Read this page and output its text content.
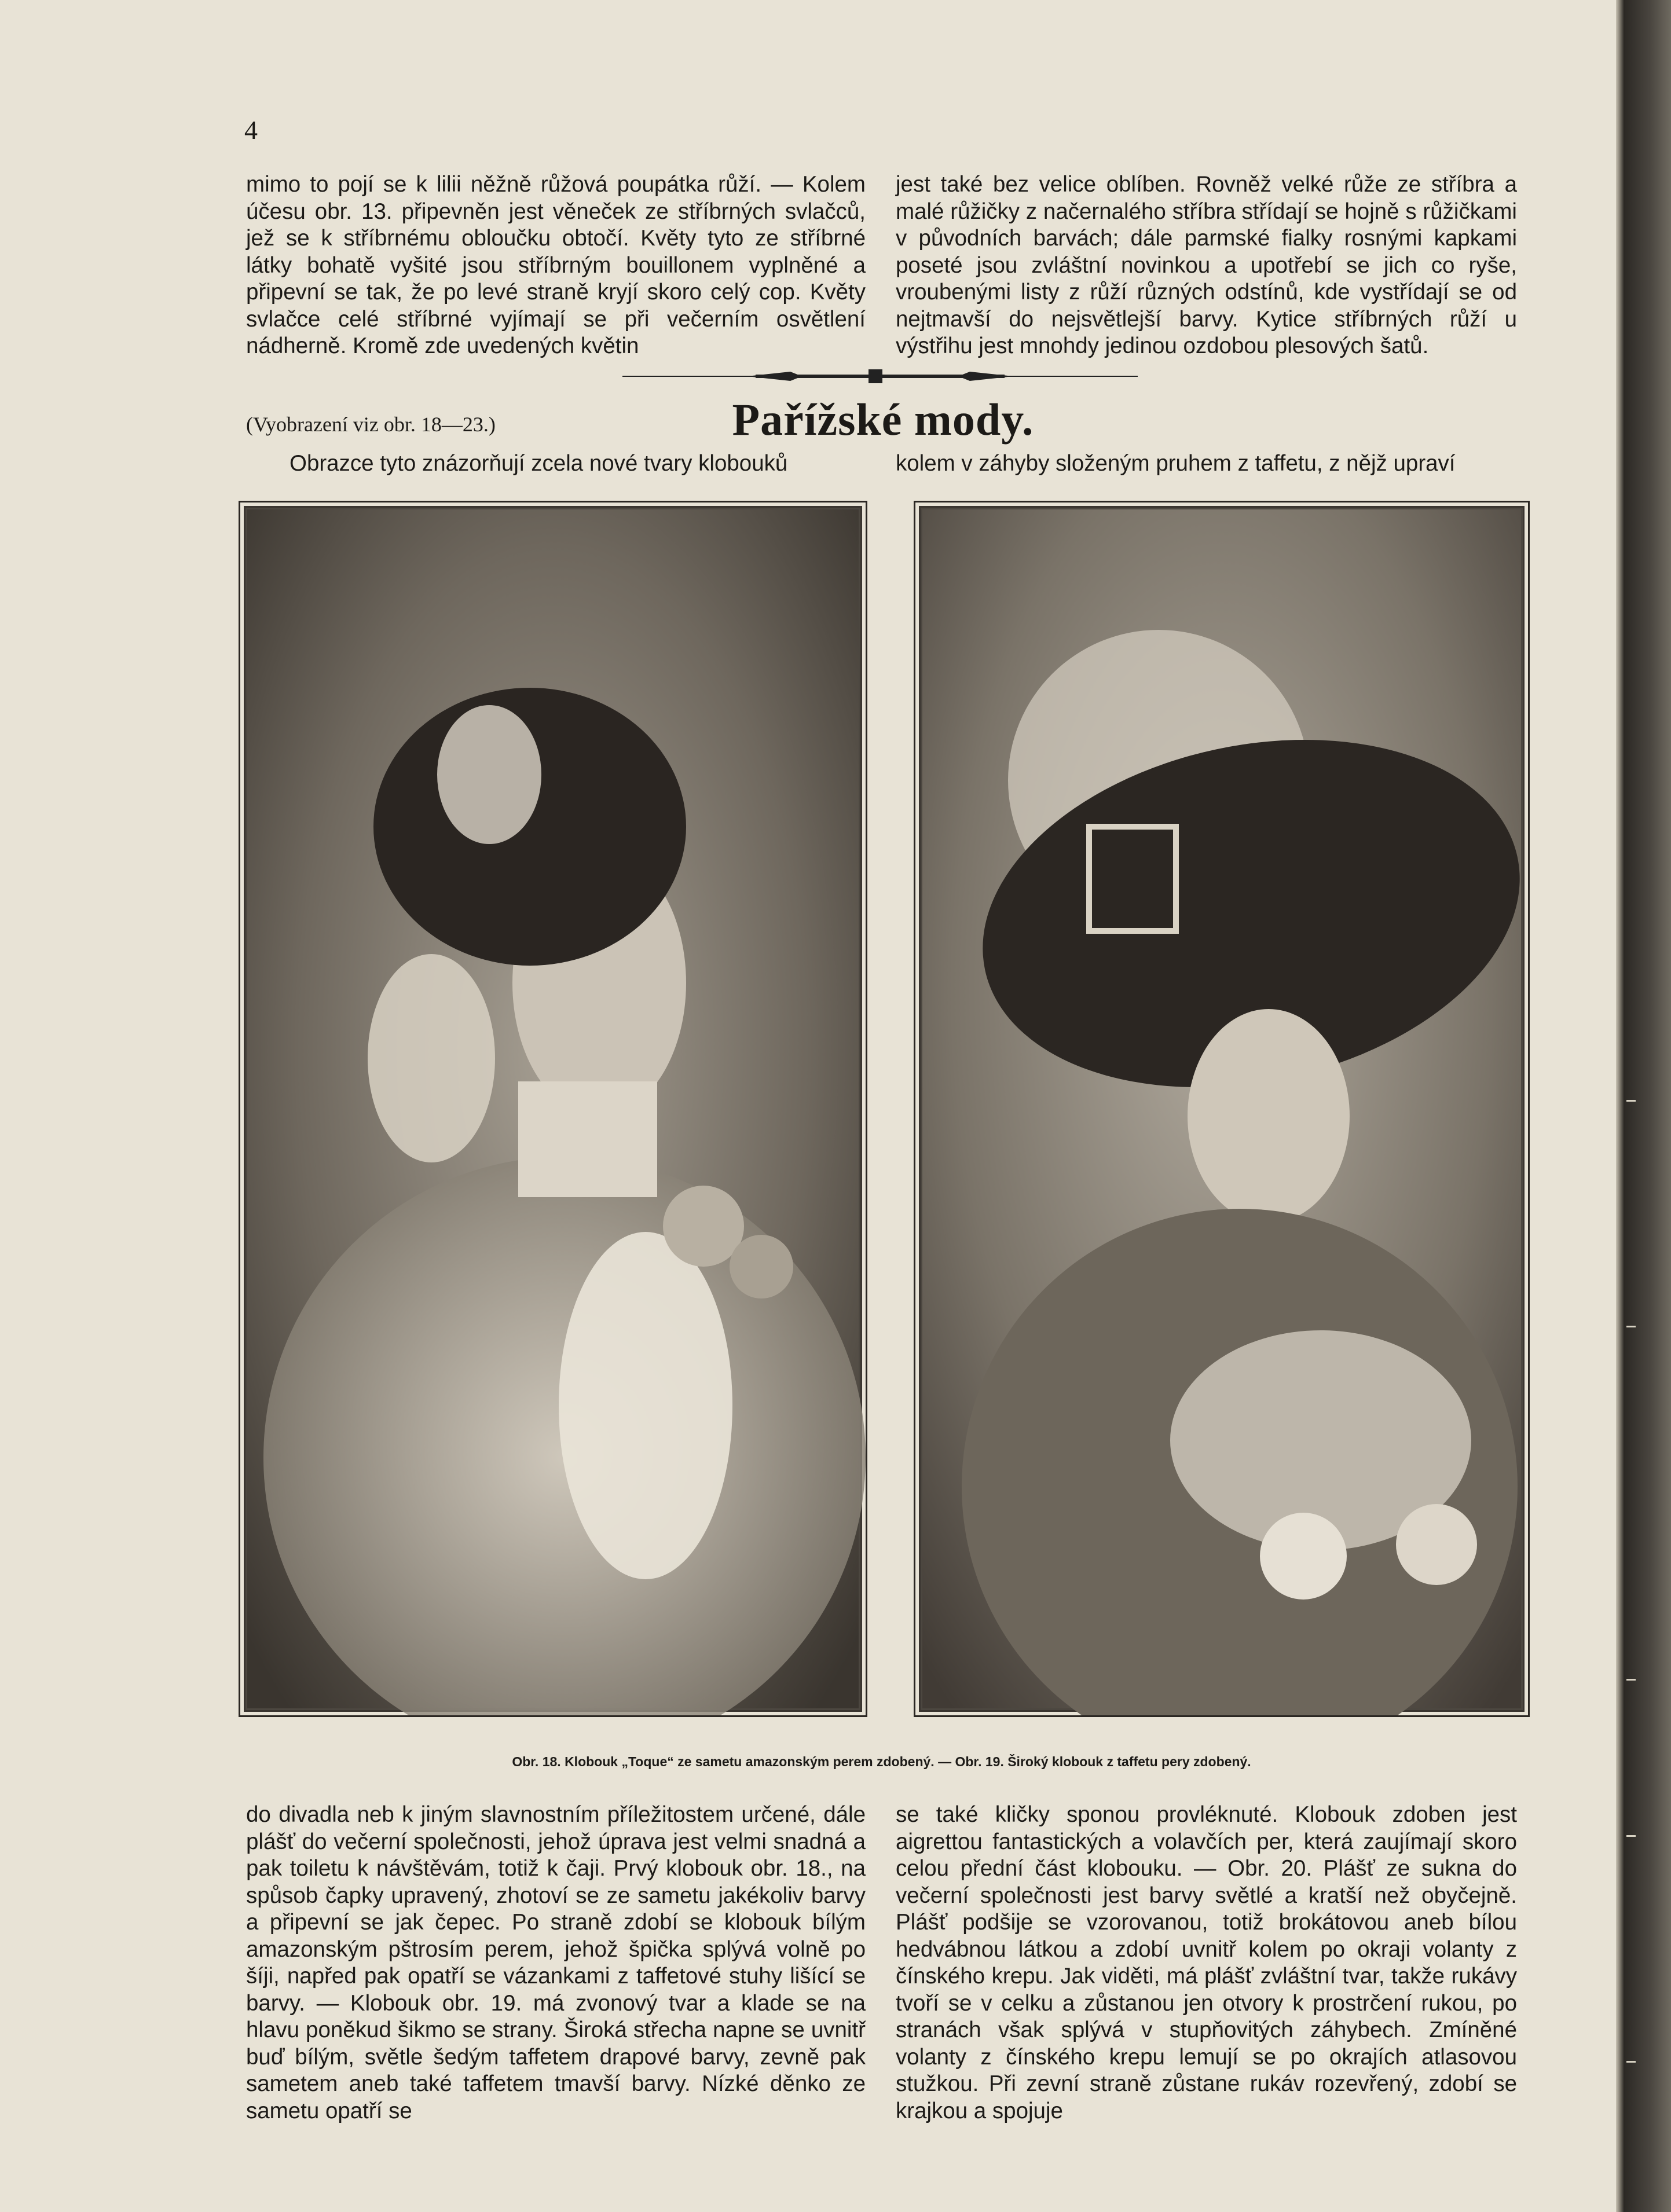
4

mimo to pojí se k lilii něžně růžová poupátka růží. — Kolem účesu obr. 13. připevněn jest věneček ze stříbrných svlačců, jež se k stříbrnému obloučku obtočí. Květy tyto ze stříbrné látky bohatě vyšité jsou stříbrným bouillonem vyplněné a připevní se tak, že po levé straně kryjí skoro celý cop. Květy svlačce celé stříbrné vyjímají se při večerním osvětlení nádherně. Kromě zde uvedených květin

jest také bez velice oblíben. Rovněž velké růže ze stříbra a malé růžičky z načernalého stříbra střídají se hojně s růžičkami v původních barvách; dále parmské fialky rosnými kapkami poseté jsou zvláštní novinkou a upotřebí se jich co ryše, vroubenými listy z růží různých odstínů, kde vystřídají se od nejtmavší do nejsvětlejší barvy. Kytice stříbrných růží u výstřihu jest mnohdy jedinou ozdobou plesových šatů.

(Vyobrazení viz obr. 18—23.)	Pařížské mody.

Obrazce tyto znázorňují zcela nové tvary klobouků	kolem v záhyby složeným pruhem z taffetu, z nějž upraví

Obr. 18. Klobouk „Toque“ ze sametu amazonským perem zdobený. — Obr. 19. Široký klobouk z taffetu pery zdobený.

do divadla neb k jiným slavnostním příležitostem určené, dále plášť do večerní společnosti, jehož úprava jest velmi snadná a pak toiletu k návštěvám, totiž k čaji. Prvý klobouk obr. 18., na spůsob čapky upravený, zhotoví se ze sametu jakékoliv barvy a připevní se jak čepec. Po straně zdobí se klobouk bílým amazonským pštrosím perem, jehož špička splývá volně po šíji, napřed pak opatří se vázankami z taffetové stuhy lišící se barvy. — Klobouk obr. 19. má zvonový tvar a klade se na hlavu poněkud šikmo se strany. Široká střecha napne se uvnitř buď bílým, světle šedým taffetem drapové barvy, zevně pak sametem aneb také taffetem tmavší barvy. Nízké děnko ze sametu opatří se

se také kličky sponou provléknuté. Klobouk zdoben jest aigrettou fantastických a volavčích per, která zaujímají skoro celou přední část klobouku. — Obr. 20. Plášť ze sukna do večerní společnosti jest barvy světlé a kratší než obyčejně. Plášť podšije se vzorovanou, totiž brokátovou aneb bílou hedvábnou látkou a zdobí uvnitř kolem po okraji volanty z čínského krepu. Jak viděti, má plášť zvláštní tvar, takže rukávy tvoří se v celku a zůstanou jen otvory k prostrčení rukou, po stranách však splývá v stupňovitých záhybech. Zmíněné volanty z čínského krepu lemují se po okrajích atlasovou stužkou. Při zevní straně zůstane rukáv rozevřený, zdobí se krajkou a spojuje
